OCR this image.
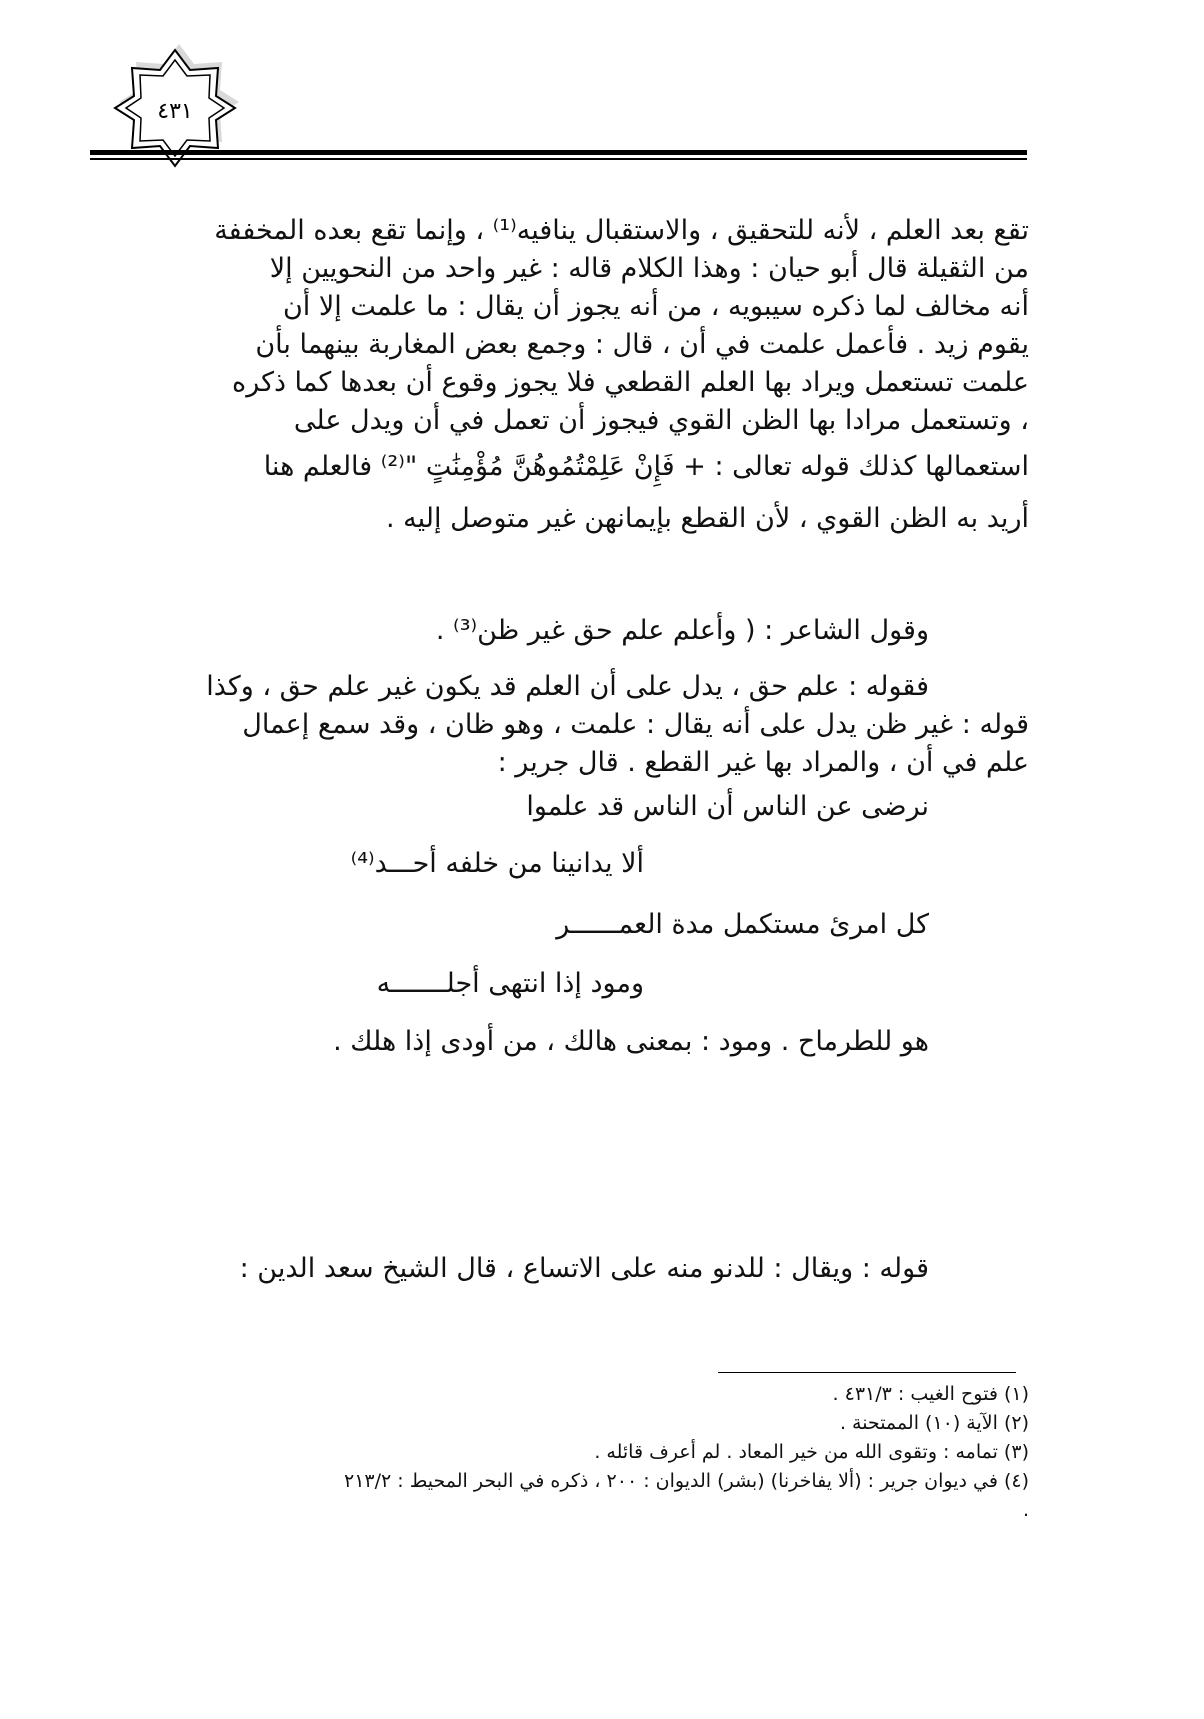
٤٣١
تقع بعد العلم ، لأنه للتحقيق ، والاستقبال ينافيه⁽¹⁾ ، وإنما تقع بعده المخففة
من الثقيلة قال أبو حيان : وهذا الكلام قاله : غير واحد من النحويين إلا
أنه مخالف لما ذكره سيبويه ، من أنه يجوز أن يقال : ما علمت إلا أن
يقوم زيد . فأعمل علمت في أن ، قال : وجمع بعض المغاربة بينهما بأن
علمت تستعمل ويراد بها العلم القطعي فلا يجوز وقوع أن بعدها كما ذكره
، وتستعمل مرادا بها الظن القوي فيجوز أن تعمل في أن ويدل على
استعمالها كذلك قوله تعالى : + فَإِنْ عَلِمْتُمُوهُنَّ مُؤْمِنَٰتٍ "⁽²⁾ فالعلم هنا
أريد به الظن القوي ، لأن القطع بإيمانهن غير متوصل إليه .
وقول الشاعر : ( وأعلم علم حق غير ظن⁽³⁾ .
فقوله : علم حق ، يدل على أن العلم قد يكون غير علم حق ، وكذا
قوله : غير ظن يدل على أنه يقال : علمت ، وهو ظان ، وقد سمع إعمال
علم في أن ، والمراد بها غير القطع . قال جرير :
نرضى عن الناس أن الناس قد علموا
ألا يدانينا من خلفه أحـــد⁽⁴⁾
كل امرئ مستكمل مدة العمــــــر
ومود إذا انتهى أجلـــــــه
هو للطرماح . ومود : بمعنى هالك ، من أودى إذا هلك .
قوله : ويقال : للدنو منه على الاتساع ، قال الشيخ سعد الدين :
(١) فتوح الغيب : ٤٣١/٣ .
(٢) الآية (١٠) الممتحنة .
(٣) تمامه : وتقوى الله من خير المعاد . لم أعرف قائله .
(٤) في ديوان جرير : (ألا يفاخرنا) (بشر) الديوان : ٢٠٠ ، ذكره في البحر المحيط : ٢١٣/٢
.
